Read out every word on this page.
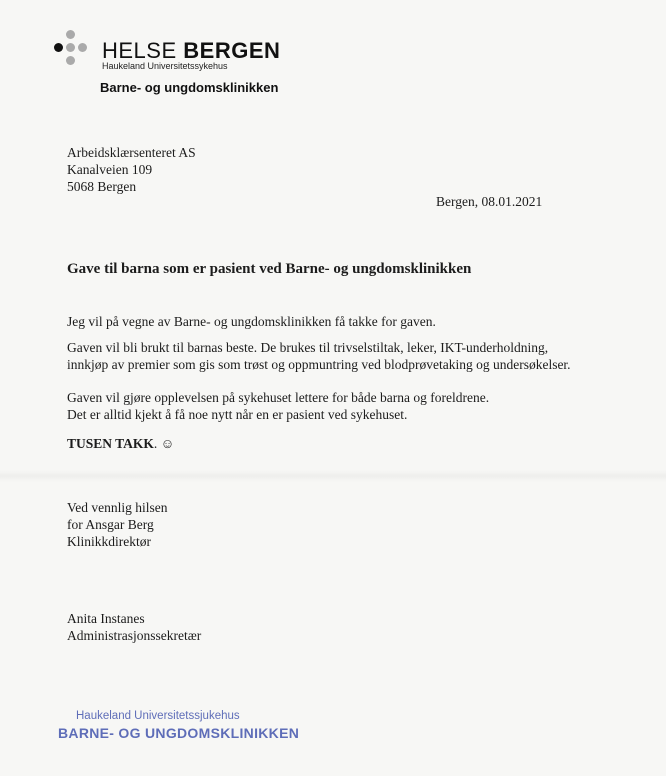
HELSE BERGEN
Haukeland Universitetssykehus
Barne- og ungdomsklinikken
Arbeidsklærsenteret AS
Kanalveien 109
5068 Bergen
Bergen, 08.01.2021
Gave til barna som er pasient ved Barne- og ungdomsklinikken
Jeg vil på vegne av Barne- og ungdomsklinikken få takke for gaven.
Gaven vil bli brukt til barnas beste. De brukes til trivselstiltak, leker, IKT-underholdning,
innkjøp av premier som gis som trøst og oppmuntring ved blodprøvetaking og undersøkelser.
Gaven vil gjøre opplevelsen på sykehuset lettere for både barna og foreldrene.
Det er alltid kjekt å få noe nytt når en er pasient ved sykehuset.
TUSEN TAKK. ☺
Ved vennlig hilsen
for Ansgar Berg
Klinikkdirektør
Anita Instanes
Administrasjonssekretær
Haukeland Universitetssjukehus
BARNE- OG UNGDOMSKLINIKKEN
